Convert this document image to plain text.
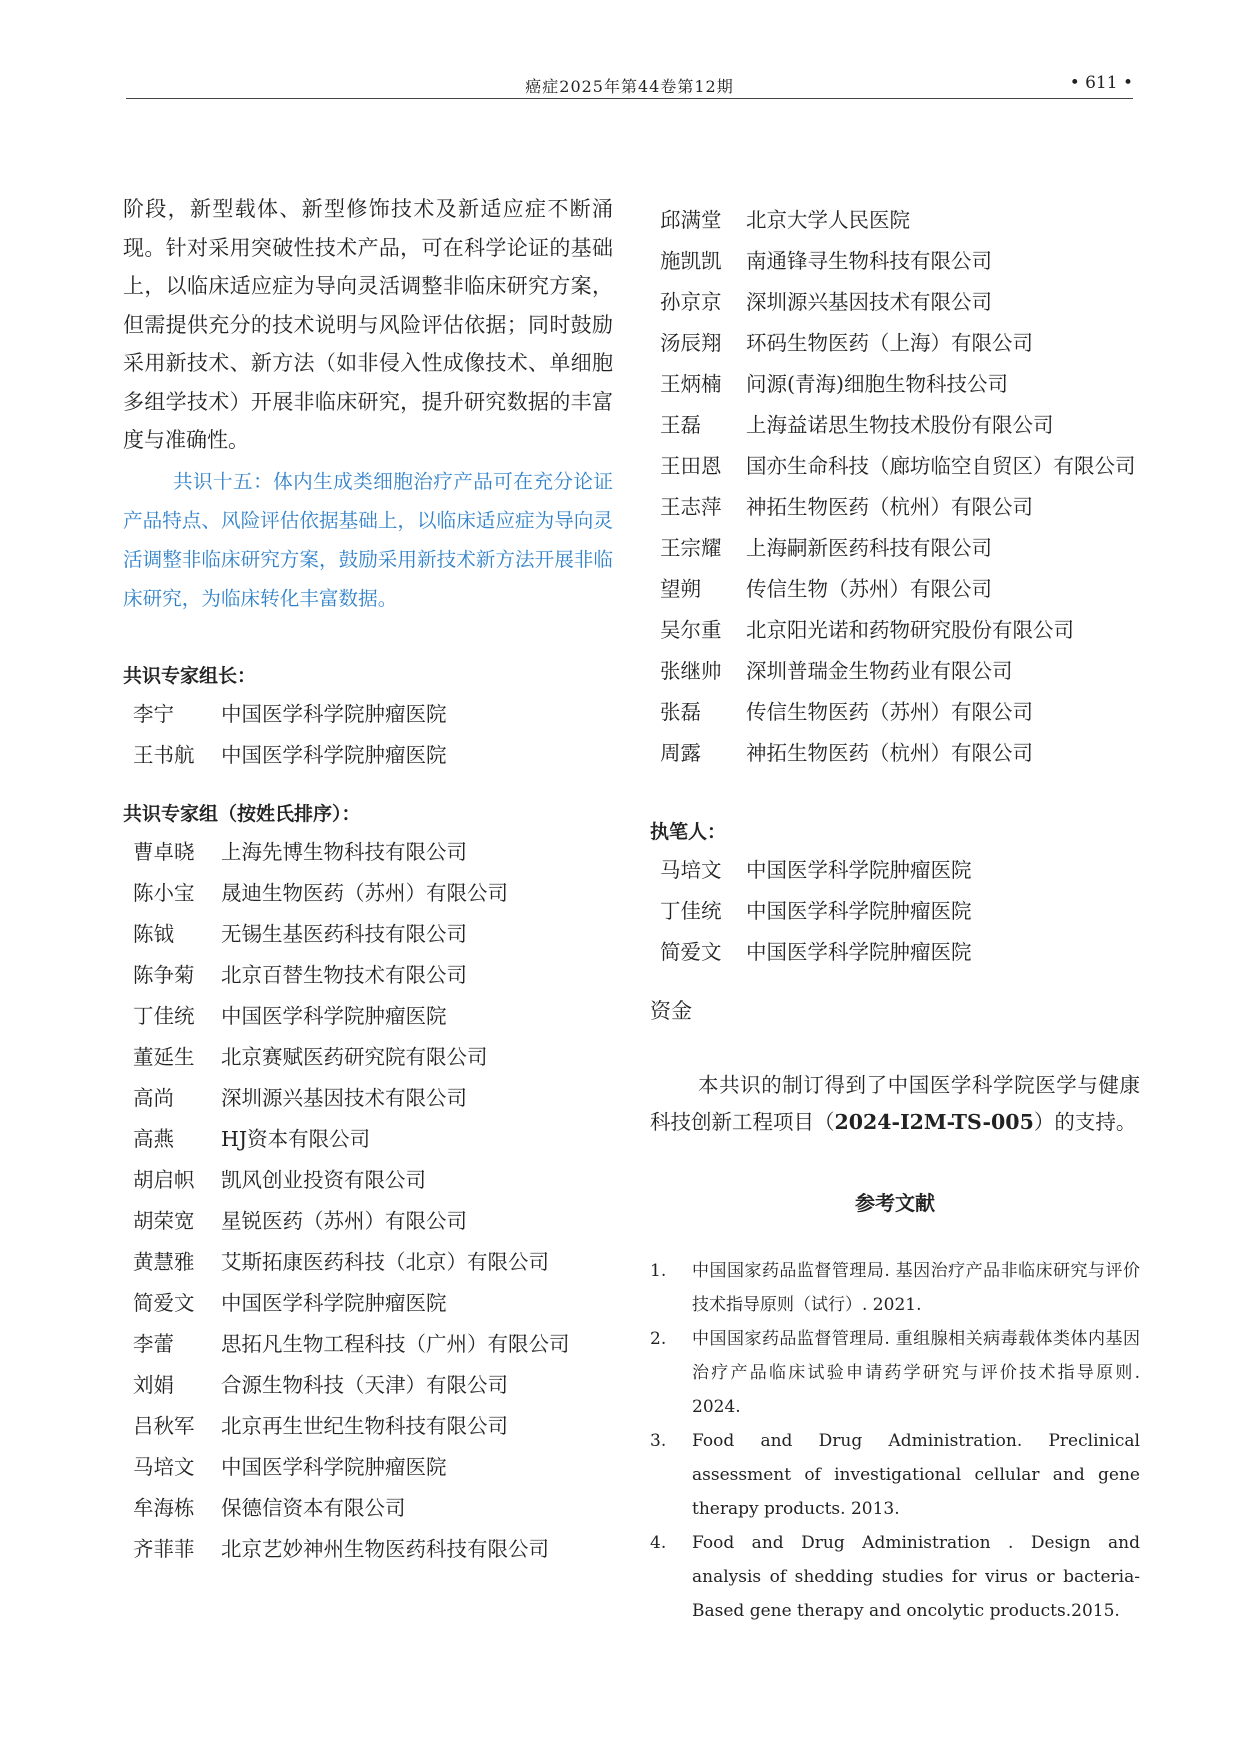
癌症2025年第44卷第12期	• 611 •

阶段，新型载体、新型修饰技术及新适应症不断涌现。针对采用突破性技术产品，可在科学论证的基础上，以临床适应症为导向灵活调整非临床研究方案，但需提供充分的技术说明与风险评估依据；同时鼓励采用新技术、新方法（如非侵入性成像技术、单细胞多组学技术）开展非临床研究，提升研究数据的丰富度与准确性。

共识十五：体内生成类细胞治疗产品可在充分论证产品特点、风险评估依据基础上，以临床适应症为导向灵活调整非临床研究方案，鼓励采用新技术新方法开展非临床研究，为临床转化丰富数据。

共识专家组长：
李宁	中国医学科学院肿瘤医院
王书航	中国医学科学院肿瘤医院
共识专家组（按姓氏排序）：
曹卓晓	上海先博生物科技有限公司
陈小宝	晟迪生物医药（苏州）有限公司
陈钺	无锡生基医药科技有限公司
陈争菊	北京百替生物技术有限公司
丁佳统	中国医学科学院肿瘤医院
董延生	北京赛赋医药研究院有限公司
高尚	深圳源兴基因技术有限公司
高燕	HJ资本有限公司
胡启帜	凯风创业投资有限公司
胡荣宽	星锐医药（苏州）有限公司
黄慧雅	艾斯拓康医药科技（北京）有限公司
简爱文	中国医学科学院肿瘤医院
李蕾	思拓凡生物工程科技（广州）有限公司
刘娟	合源生物科技（天津）有限公司
吕秋军	北京再生世纪生物科技有限公司
马培文	中国医学科学院肿瘤医院
牟海栋	保德信资本有限公司
齐菲菲	北京艺妙神州生物医药科技有限公司
邱满堂	北京大学人民医院
施凯凯	南通锋寻生物科技有限公司
孙京京	深圳源兴基因技术有限公司
汤辰翔	环码生物医药（上海）有限公司
王炳楠	问源(青海)细胞生物科技公司
王磊	上海益诺思生物技术股份有限公司
王田恩	国亦生命科技（廊坊临空自贸区）有限公司
王志萍	神拓生物医药（杭州）有限公司
王宗耀	上海嗣新医药科技有限公司
望朔	传信生物（苏州）有限公司
吴尔重	北京阳光诺和药物研究股份有限公司
张继帅	深圳普瑞金生物药业有限公司
张磊	传信生物医药（苏州）有限公司
周露	神拓生物医药（杭州）有限公司
执笔人：
马培文	中国医学科学院肿瘤医院
丁佳统	中国医学科学院肿瘤医院
简爱文	中国医学科学院肿瘤医院
资金

本共识的制订得到了中国医学科学院医学与健康科技创新工程项目（2024-I2M-TS-005）的支持。

参考文献
1.	中国国家药品监督管理局. 基因治疗产品非临床研究与评价技术指导原则（试行）. 2021.
2.	中国国家药品监督管理局. 重组腺相关病毒载体类体内基因治疗产品临床试验申请药学研究与评价技术指导原则. 2024.
3.	Food and Drug Administration. Preclinical assessment of investigational cellular and gene therapy products. 2013.
4.	Food and Drug Administration . Design and analysis of shedding studies for virus or bacteria-Based gene therapy and oncolytic products.2015.
